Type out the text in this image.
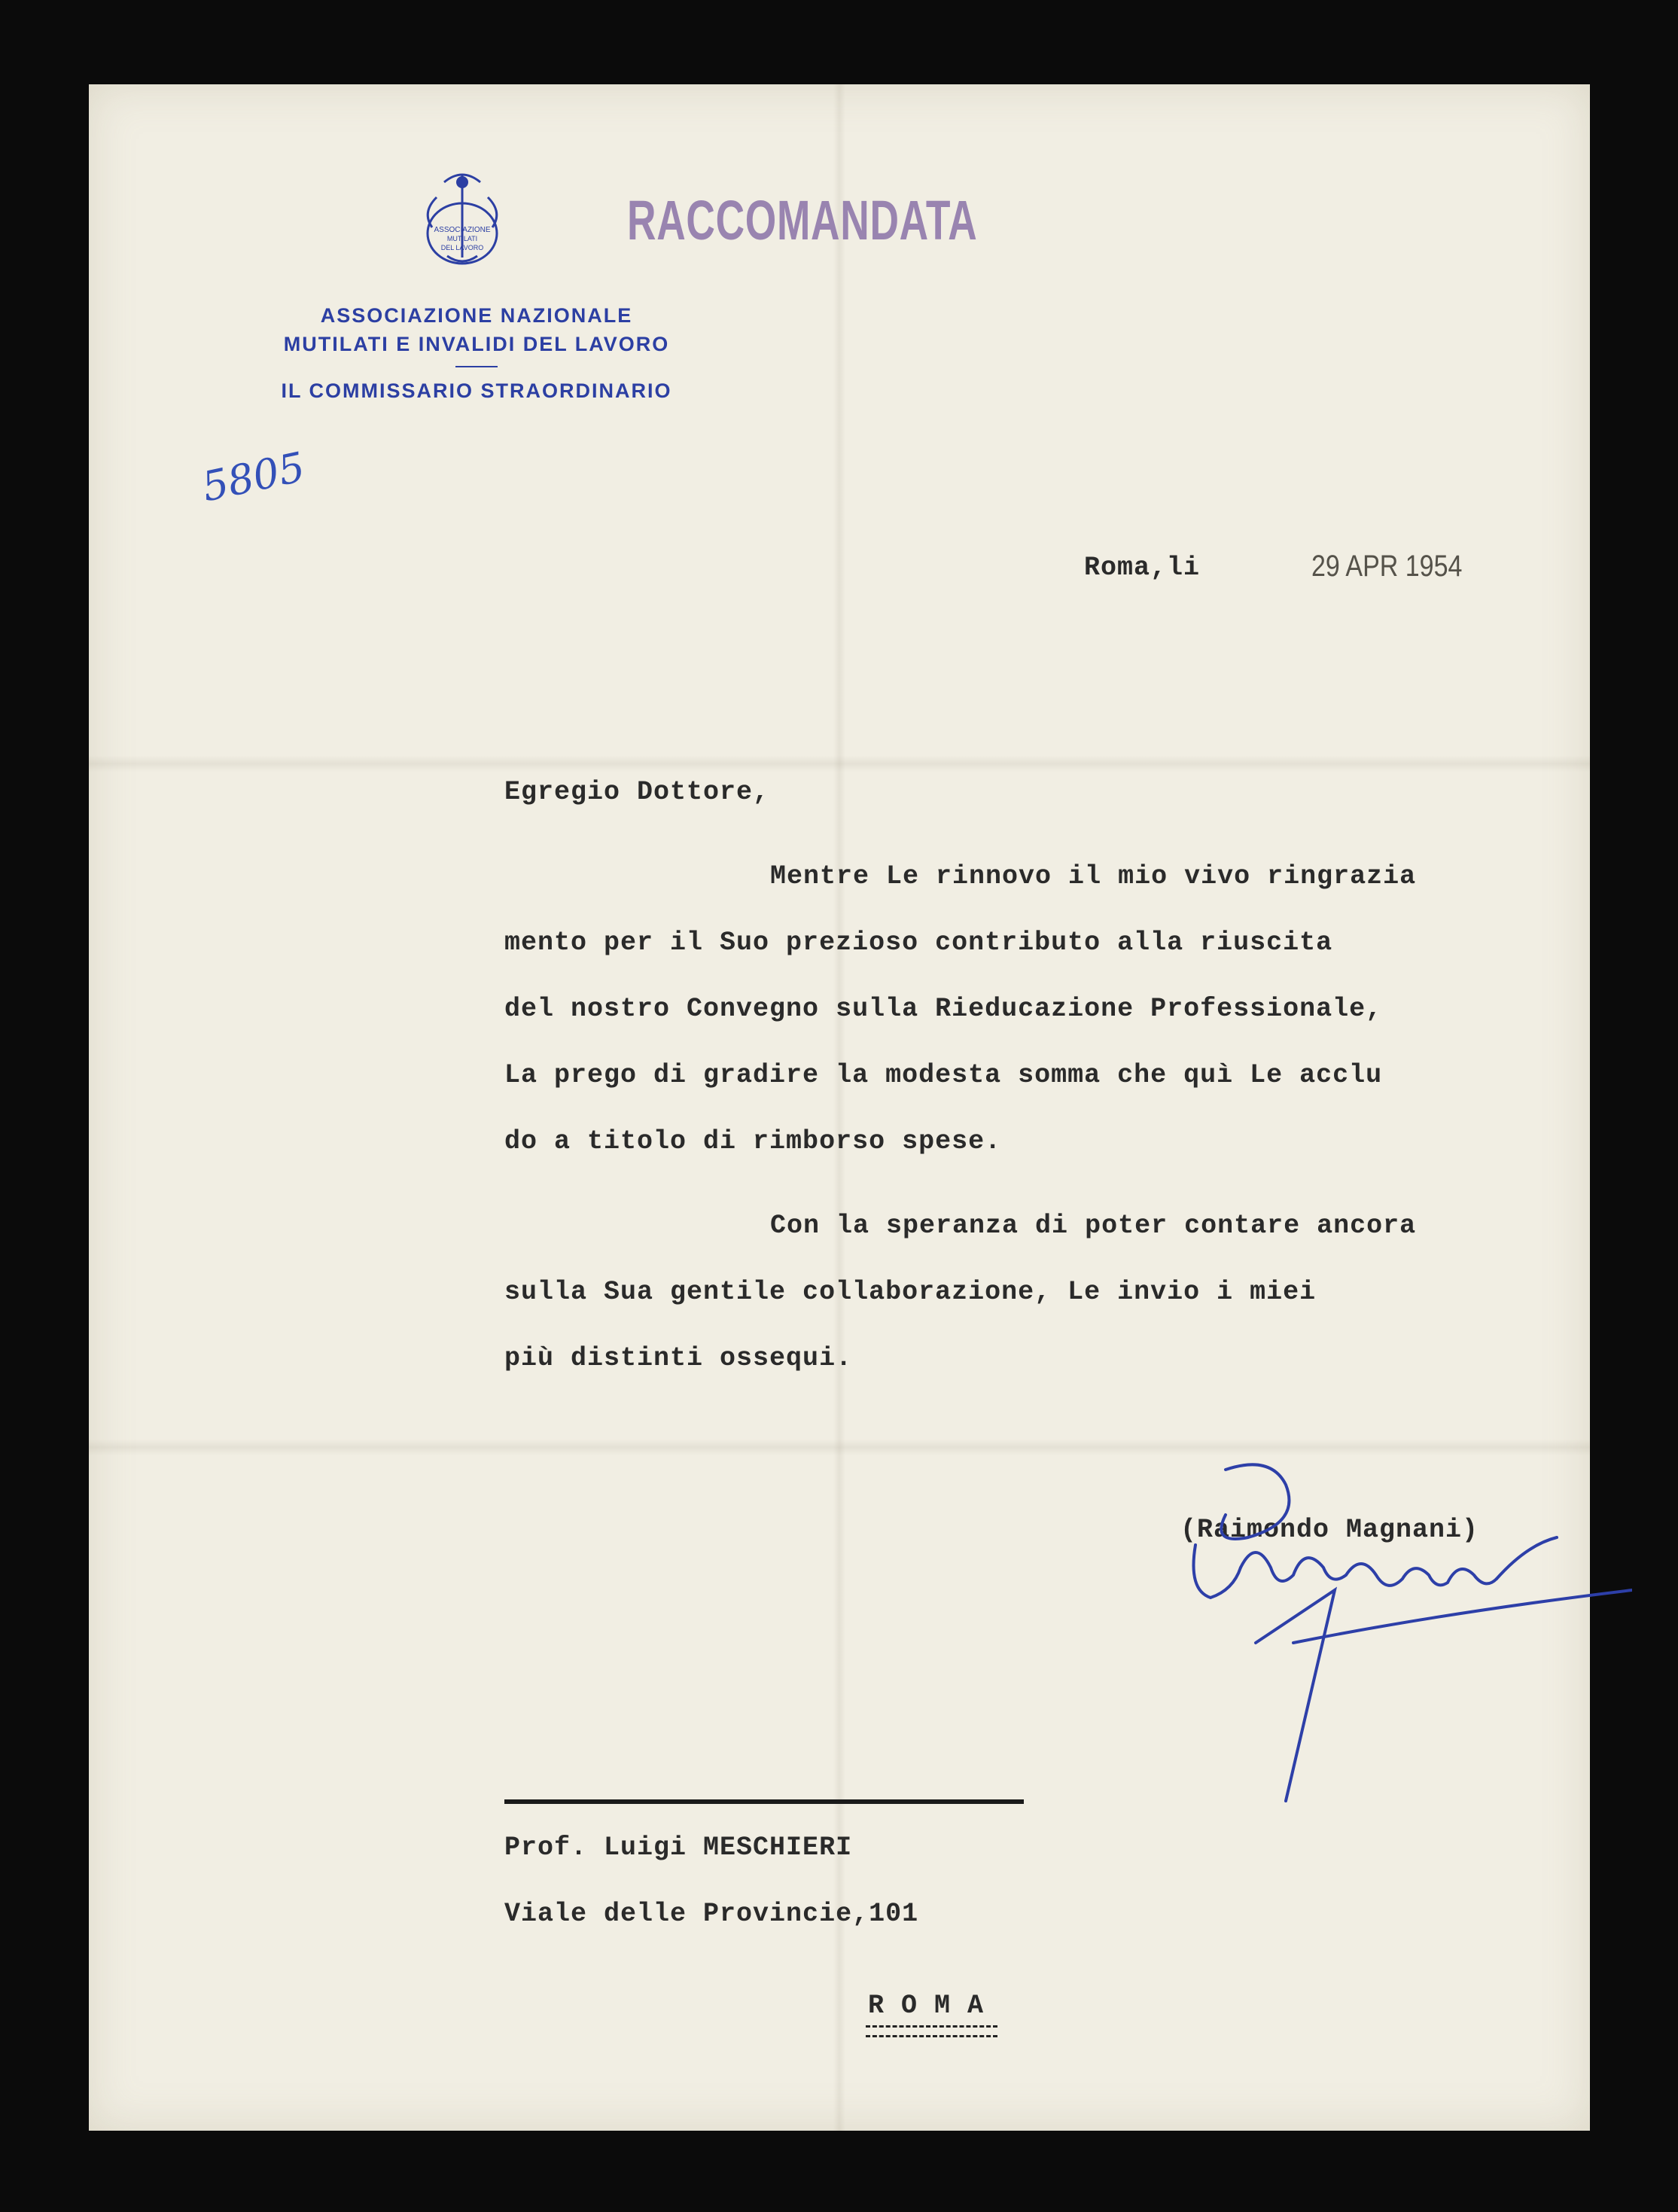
ASSOCIAZIONE
MUTILATI
DEL LAVORO
ASSOCIAZIONE NAZIONALE
MUTILATI E INVALIDI DEL LAVORO
IL COMMISSARIO STRAORDINARIO
RACCOMANDATA
5805
Roma,li	29 APR 1954
Egregio Dottore,
Mentre Le rinnovo il mio vivo ringrazia
mento per il Suo prezioso contributo alla riuscita
del nostro Convegno sulla Rieducazione Professionale,
La prego di gradire la modesta somma che quì Le acclu
do a titolo di rimborso spese.
Con la speranza di poter contare ancora
sulla Sua gentile collaborazione, Le invio i miei
più distinti ossequi.
(Raimondo Magnani)
Prof. Luigi MESCHIERI
Viale delle Provincie,101
R O M A
